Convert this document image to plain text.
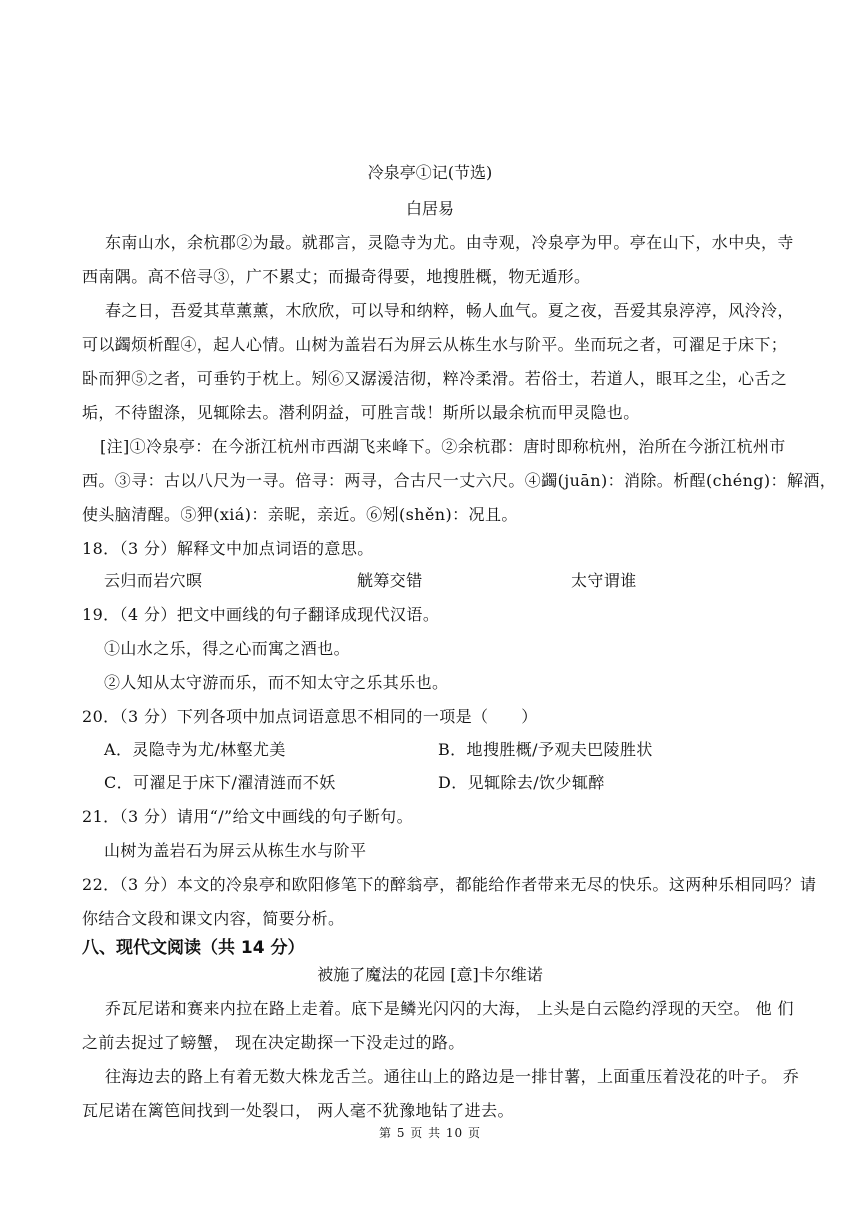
冷泉亭①记(节选)
白居易
东南山水，余杭郡②为最。就郡言，灵隐寺为尤。由寺观，冷泉亭为甲。亭在山下，水中央，寺
西南隅。高不倍寻③，广不累丈；而撮奇得要，地搜胜概，物无遁形。
春之日，吾爱其草薰薰，木欣欣，可以导和纳粹，畅人血气。夏之夜，吾爱其泉渟渟，风泠泠，
可以蠲烦析酲④，起人心情。山树为盖岩石为屏云从栋生水与阶平。坐而玩之者，可濯足于床下；
卧而狎⑤之者，可垂钓于枕上。矧⑥又潺湲洁彻，粹冷柔滑。若俗士，若道人，眼耳之尘，心舌之
垢，不待盥涤，见辄除去。潜利阴益，可胜言哉！斯所以最余杭而甲灵隐也。
[注]①冷泉亭：在今浙江杭州市西湖飞来峰下。②余杭郡：唐时即称杭州，治所在今浙江杭州市
西。③寻：古以八尺为一寻。倍寻：两寻，合古尺一丈六尺。④蠲(juān)：消除。析酲(chéng)：解酒，
使头脑清醒。⑤狎(xiá)：亲昵，亲近。⑥矧(shěn)：况且。
18．（3 分）解释文中加点词语的意思。
云归而岩穴暝	觥筹交错	太守谓谁
19．（4 分）把文中画线的句子翻译成现代汉语。
①山水之乐，得之心而寓之酒也。
②人知从太守游而乐，而不知太守之乐其乐也。
20．（3 分）下列各项中加点词语意思不相同的一项是（　　）
A．灵隐寺为尤/林壑尤美	B．地搜胜概/予观夫巴陵胜状
C．可濯足于床下/濯清涟而不妖	D．见辄除去/饮少辄醉
21．（3 分）请用“/”给文中画线的句子断句。
山树为盖岩石为屏云从栋生水与阶平
22．（3 分）本文的冷泉亭和欧阳修笔下的醉翁亭，都能给作者带来无尽的快乐。这两种乐相同吗？请
你结合文段和课文内容，简要分析。
八、现代文阅读（共 14 分）
被施了魔法的花园 [意]卡尔维诺
乔瓦尼诺和赛来内拉在路上走着。底下是鳞光闪闪的大海， 上头是白云隐约浮现的天空。 他 们
之前去捉过了螃蟹， 现在决定勘探一下没走过的路。
往海边去的路上有着无数大株龙舌兰。通往山上的路边是一排甘薯，上面重压着没花的叶子。 乔
瓦尼诺在篱笆间找到一处裂口， 两人毫不犹豫地钻了进去。
第 5 页 共 10 页
